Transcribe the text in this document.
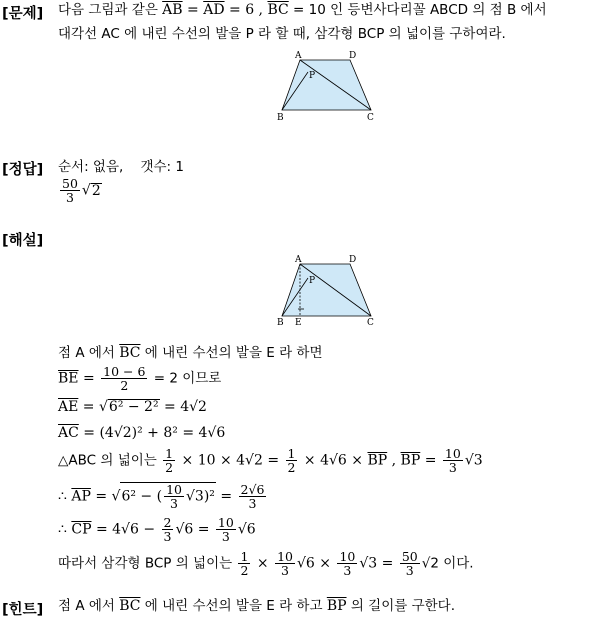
[문제] 다음 그림과 같은 $\overline{AB} = \overline{AD} = 6$ , $\overline{BC} = 10$ 인 등변사다리꼴 ABCD 의 점 B 에서
대각선 AC 에 내린 수선의 발을 P 라 할 때, 삼각형 BCP 의 넓이를 구하여라.
A	D
B	C
P
[정답] 순서: 없음, 갯수: 1
$\frac{50}{3} √2$
[해설]
A	D
B E	C
P
점 A 에서 $\overline{BC}$ 에 내린 수선의 발을 E 라 하면
$\overline{BE} = \frac{10 - 6}{2} = 2$ 이므로
$\overline{AE} = √6^2 - 2^2 = 4√2$
$\overline{AC} = (4√2)^2 + 8^2 = 4√6$
△ABC 의 넓이는 $\frac{1}{2} \times 10 \times 4√2 = \frac{1}{2} \times 4√6 \times \overline{BP}$ , $\overline{BP} = \frac{10}{3} √3$
∴ $\overline{AP} = √6^2$ − ( $\frac{10}{3} √3)^2 = \frac{2√6}{3}$
∴ $\overline{CP} = 4√6 - \frac{2}{3} √6 = \frac{10}{3} √6$
따라서 삼각형 BCP 의 넓이는 $\frac{1}{2} \times \frac{10}{3} √6 \times \frac{10}{3} √3 = \frac{50}{3} √2$ 이다.
[힌트] 점 A 에서 $\overline{BC}$ 에 내린 수선의 발을 E 라 하고 $\overline{BP}$ 의 길이를 구한다.
